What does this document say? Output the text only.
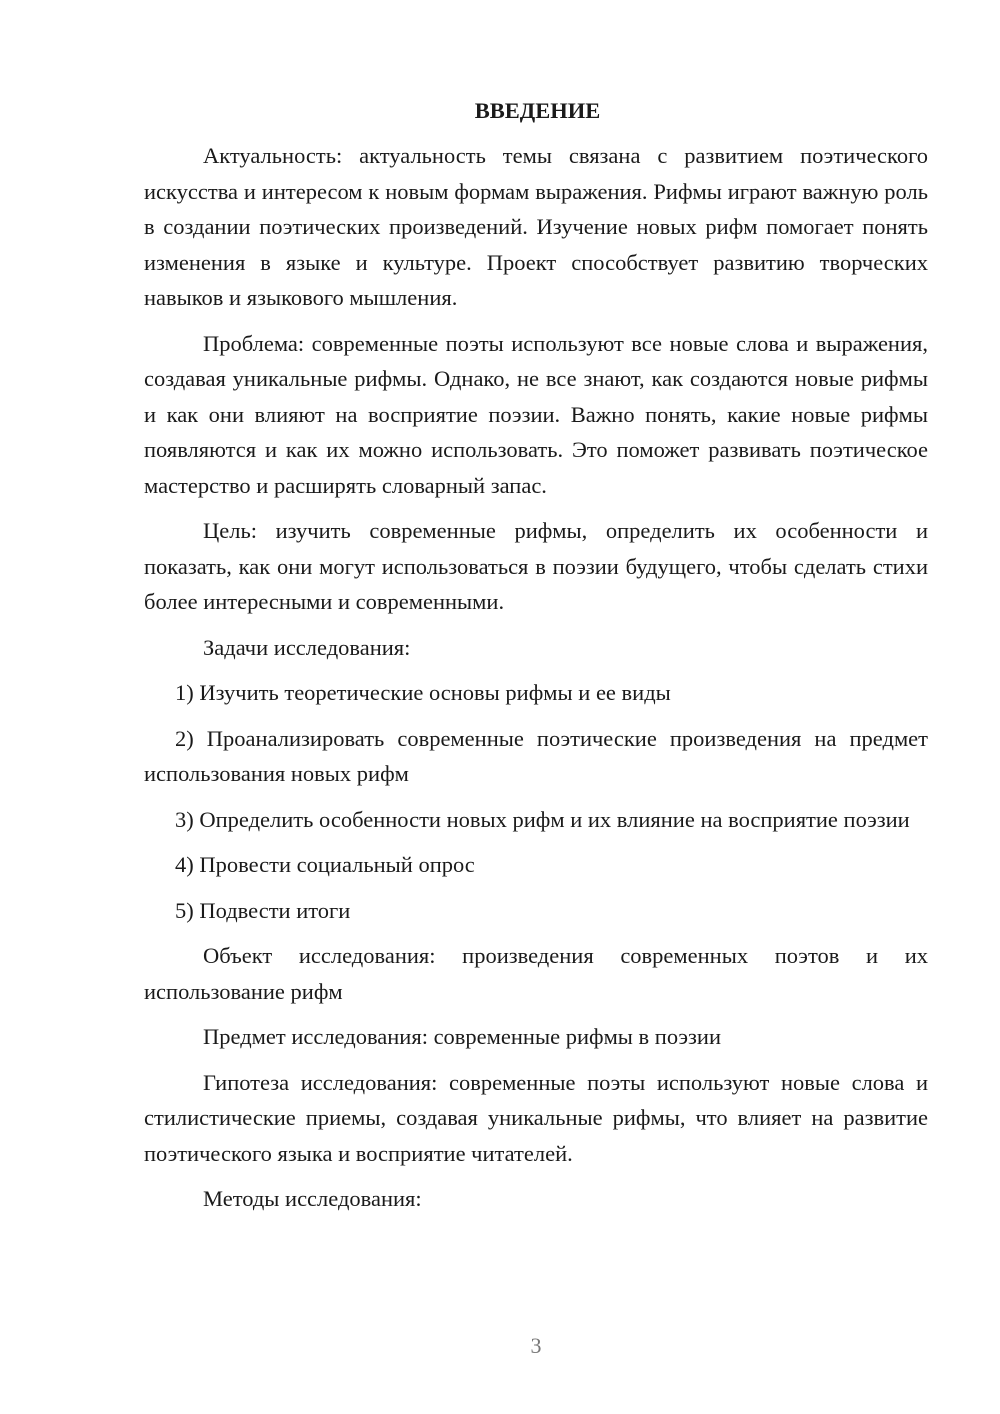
ВВЕДЕНИЕ

Актуальность: актуальность темы связана с развитием поэтического искусства и интересом к новым формам выражения. Рифмы играют важную роль в создании поэтических произведений. Изучение новых рифм помогает понять изменения в языке и культуре. Проект способствует развитию творческих навыков и языкового мышления.

Проблема: современные поэты используют все новые слова и выражения, создавая уникальные рифмы. Однако, не все знают, как создаются новые рифмы и как они влияют на восприятие поэзии. Важно понять, какие новые рифмы появляются и как их можно использовать. Это поможет развивать поэтическое мастерство и расширять словарный запас.

Цель: изучить современные рифмы, определить их особенности и показать, как они могут использоваться в поэзии будущего, чтобы сделать стихи более интересными и современными.

Задачи исследования:

1) Изучить теоретические основы рифмы и ее виды

2) Проанализировать современные поэтические произведения на предмет использования новых рифм

3) Определить особенности новых рифм и их влияние на восприятие поэзии

4) Провести социальный опрос

5) Подвести итоги

Объект исследования: произведения современных поэтов и их использование рифм

Предмет исследования: современные рифмы в поэзии

Гипотеза исследования: современные поэты используют новые слова и стилистические приемы, создавая уникальные рифмы, что влияет на развитие поэтического языка и восприятие читателей.

Методы исследования:

3
